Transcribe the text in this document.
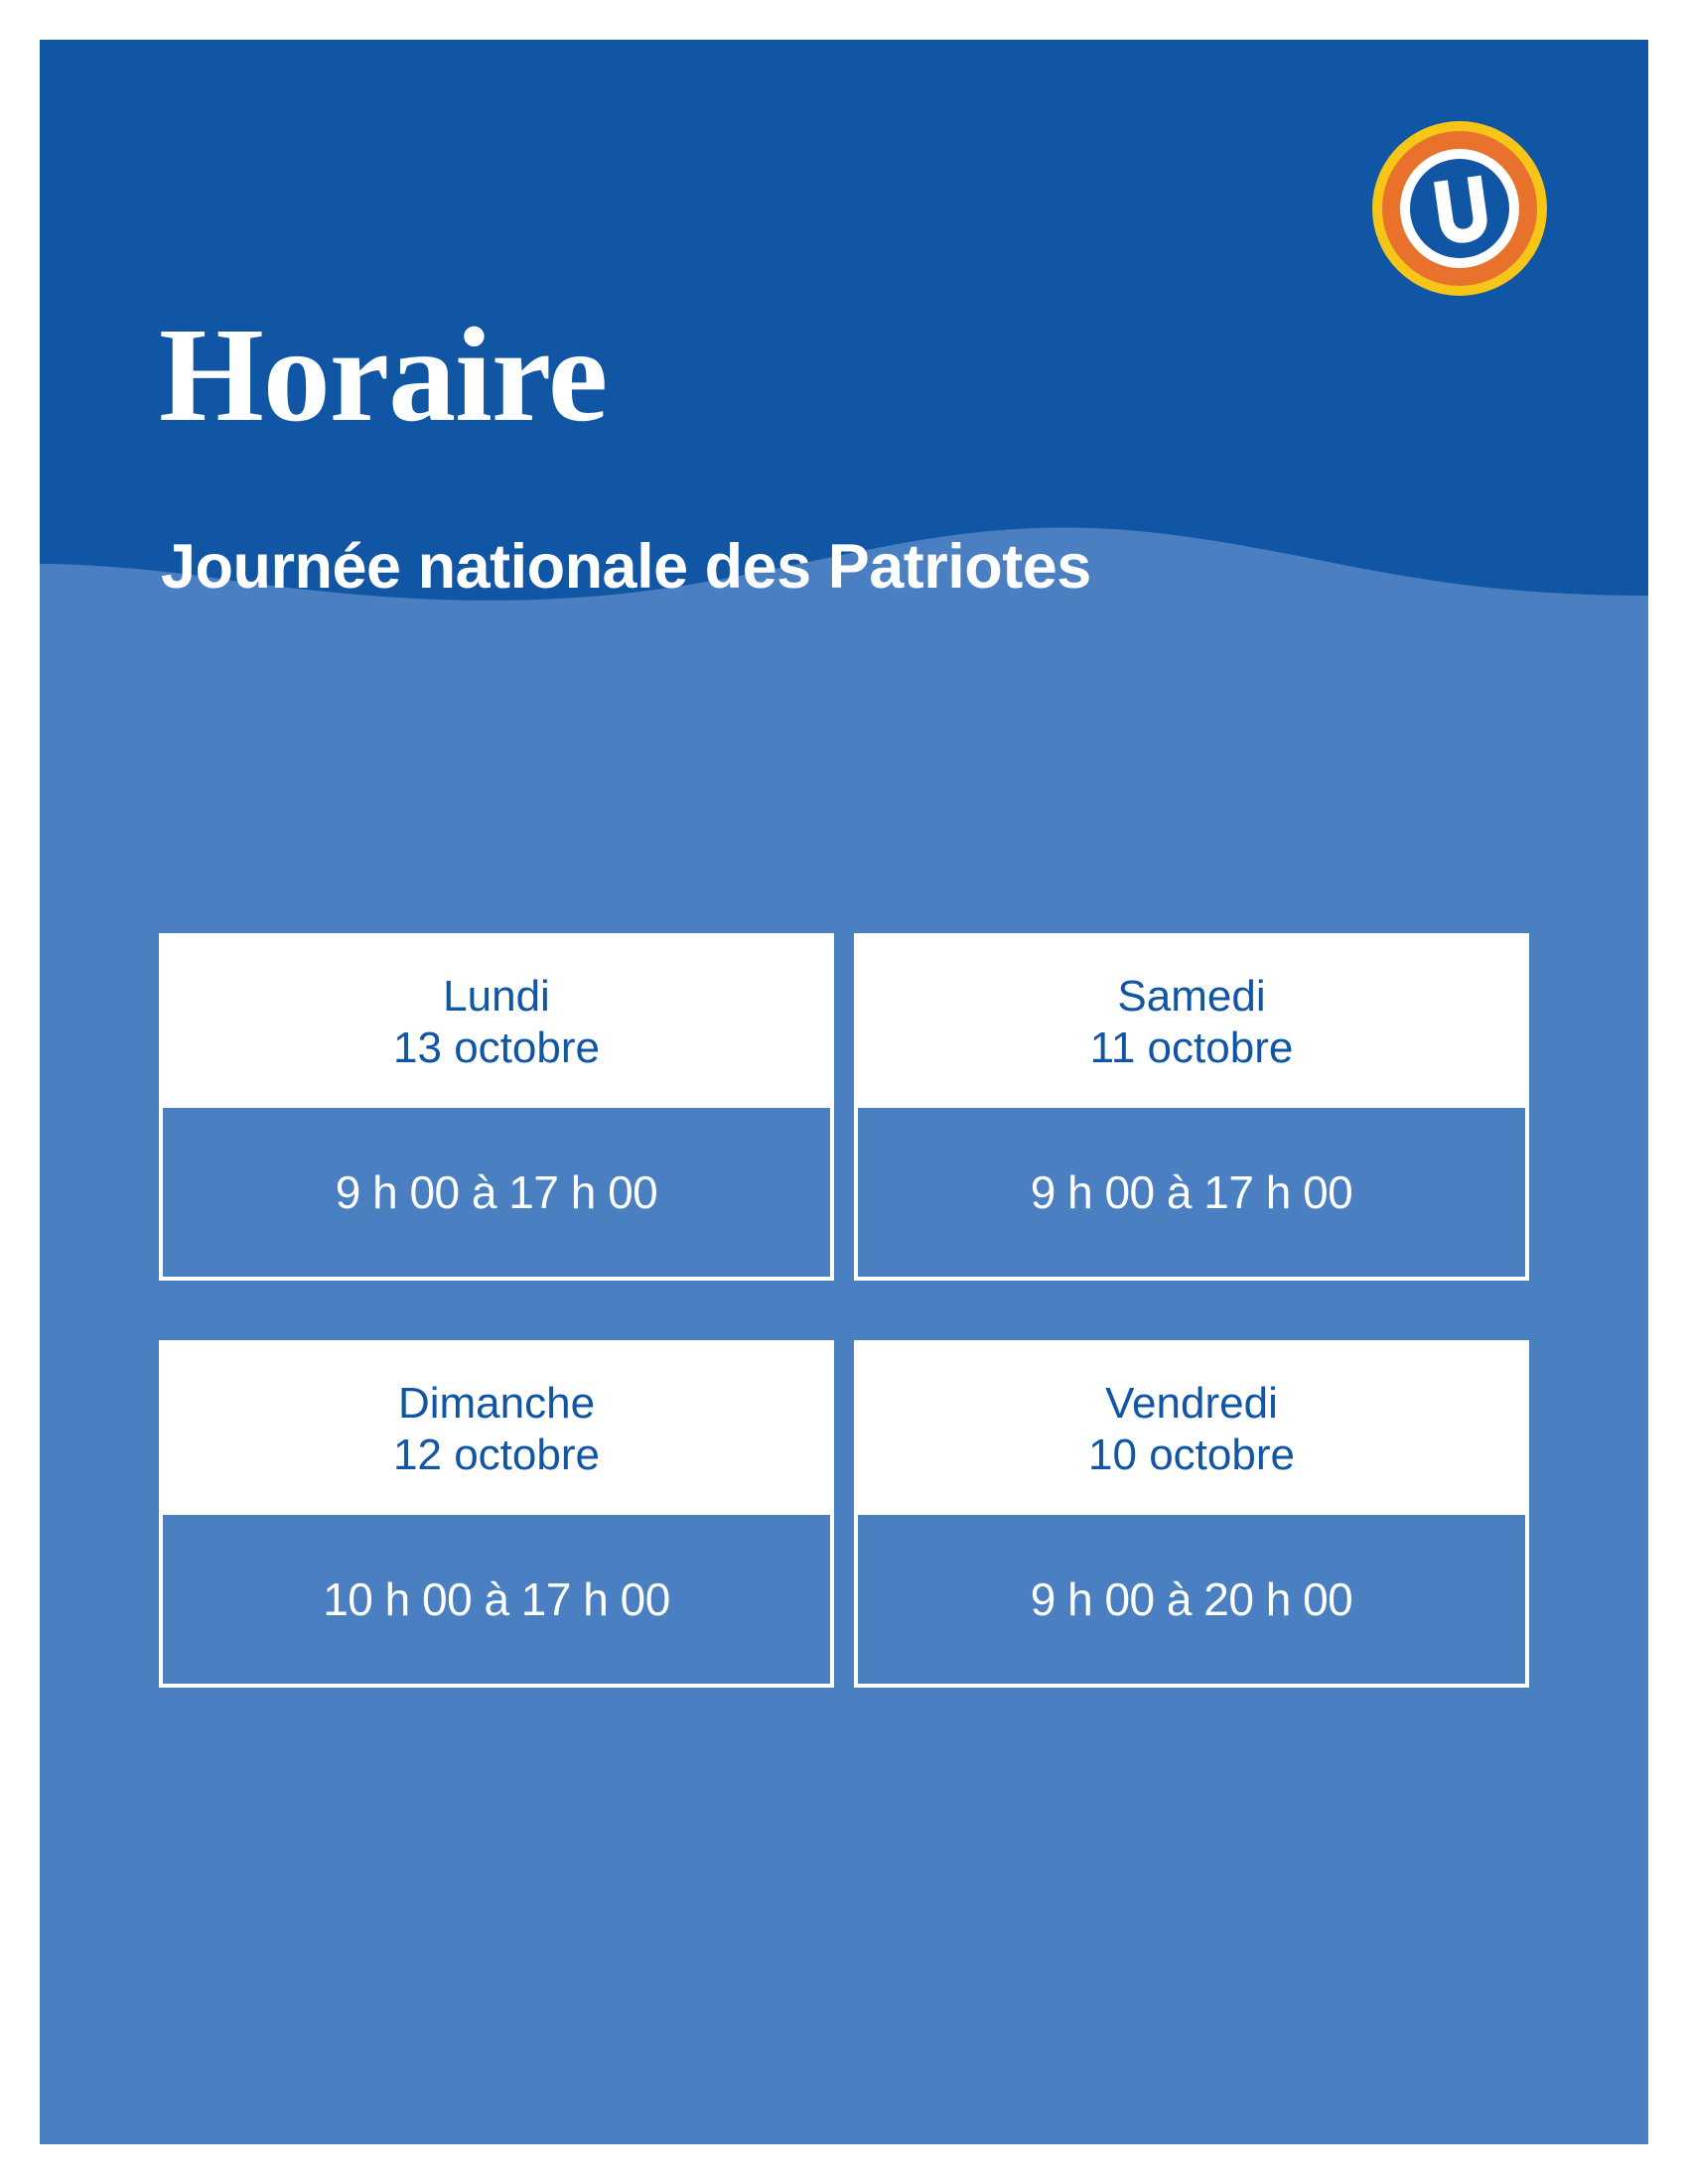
Horaire
Journée nationale des Patriotes
Lundi
13 octobre
9 h 00 à 17 h 00
Samedi
11 octobre
9 h 00 à 17 h 00
Dimanche
12 octobre
10 h 00 à 17 h 00
Vendredi
10 octobre
9 h 00 à 20 h 00
